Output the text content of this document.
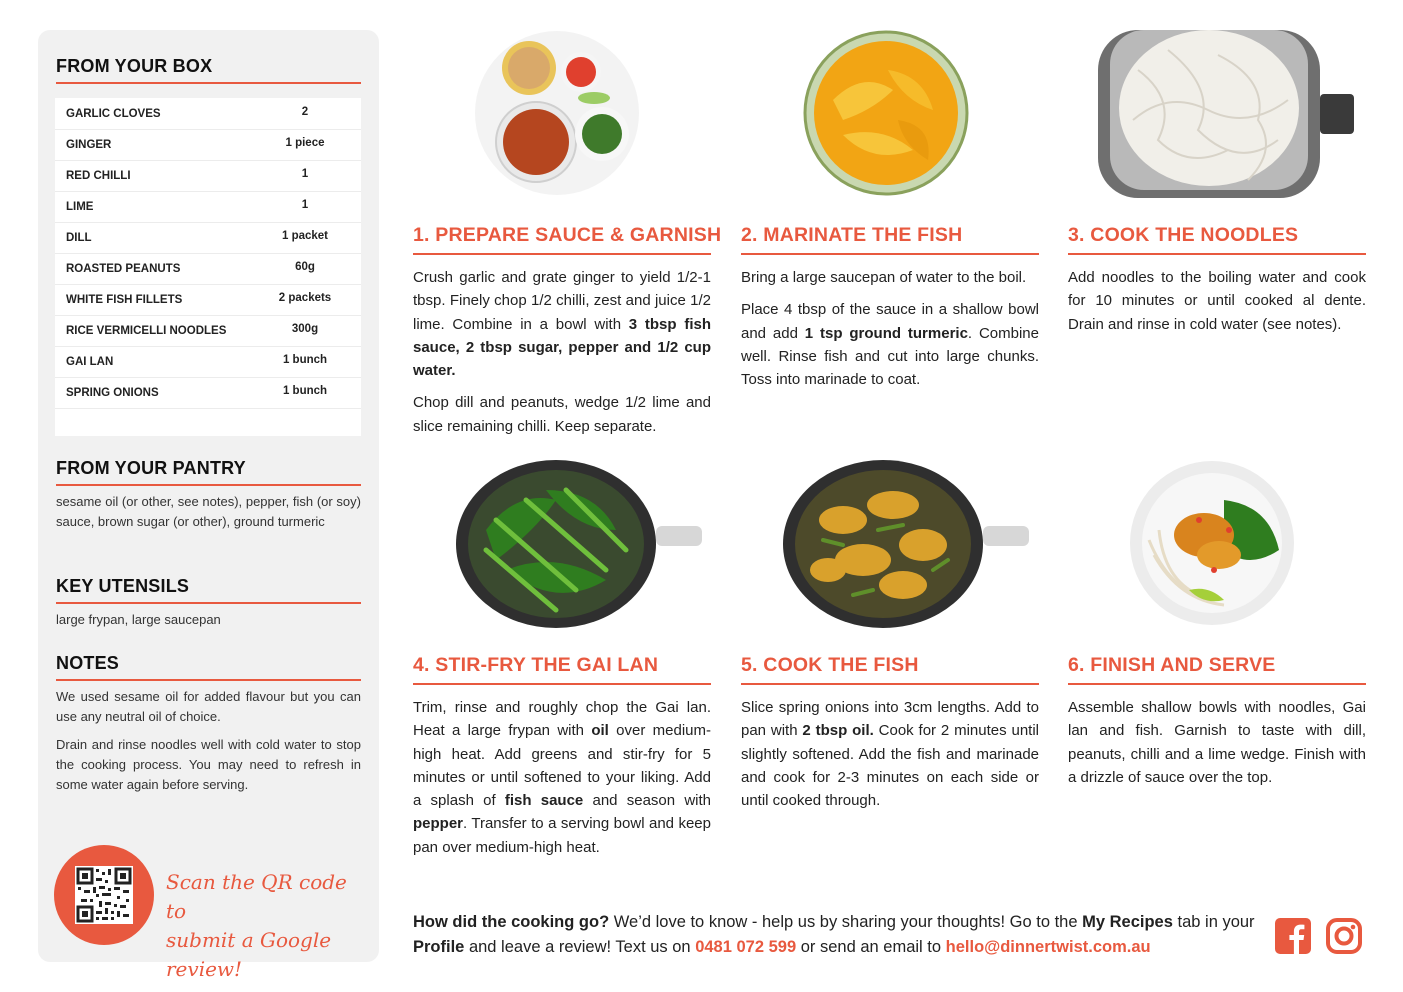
FROM YOUR BOX
GARLIC CLOVES	2
GINGER	1 piece
RED CHILLI	1
LIME	1
DILL	1 packet
ROASTED PEANUTS	60g
WHITE FISH FILLETS	2 packets
RICE VERMICELLI NOODLES	300g
GAI LAN	1 bunch
SPRING ONIONS	1 bunch
FROM YOUR PANTRY

sesame oil (or other, see notes), pepper, fish (or soy) sauce, brown sugar (or other), ground turmeric

KEY UTENSILS

large frypan, large saucepan

NOTES

We used sesame oil for added flavour but you can use any neutral oil of choice.

Drain and rinse noodles well with cold water to stop the cooking process. You may need to refresh in some water again before serving.

Scan the QR code to
submit a Google review!
1. PREPARE SAUCE & GARNISH

Crush garlic and grate ginger to yield 1/2-1 tbsp. Finely chop 1/2 chilli, zest and juice 1/2 lime. Combine in a bowl with 3 tbsp fish sauce, 2 tbsp sugar, pepper and 1/2 cup water.

Chop dill and peanuts, wedge 1/2 lime and slice remaining chilli. Keep separate.

2. MARINATE THE FISH

Bring a large saucepan of water to the boil.

Place 4 tbsp of the sauce in a shallow bowl and add 1 tsp ground turmeric. Combine well. Rinse fish and cut into large chunks. Toss into marinade to coat.

3. COOK THE NOODLES

Add noodles to the boiling water and cook for 10 minutes or until cooked al dente. Drain and rinse in cold water (see notes).

4. STIR-FRY THE GAI LAN

Trim, rinse and roughly chop the Gai lan. Heat a large frypan with oil over medium-high heat. Add greens and stir-fry for 5 minutes or until softened to your liking. Add a splash of fish sauce and season with pepper. Transfer to a serving bowl and keep pan over medium-high heat.

5. COOK THE FISH

Slice spring onions into 3cm lengths. Add to pan with 2 tbsp oil. Cook for 2 minutes until slightly softened. Add the fish and marinade and cook for 2-3 minutes on each side or until cooked through.

6. FINISH AND SERVE

Assemble shallow bowls with noodles, Gai lan and fish. Garnish to taste with dill, peanuts, chilli and a lime wedge. Finish with a drizzle of sauce over the top.

How did the cooking go? We’d love to know - help us by sharing your thoughts! Go to the My Recipes tab in your Profile and leave a review! Text us on 0481 072 599 or send an email to hello@dinnertwist.com.au
